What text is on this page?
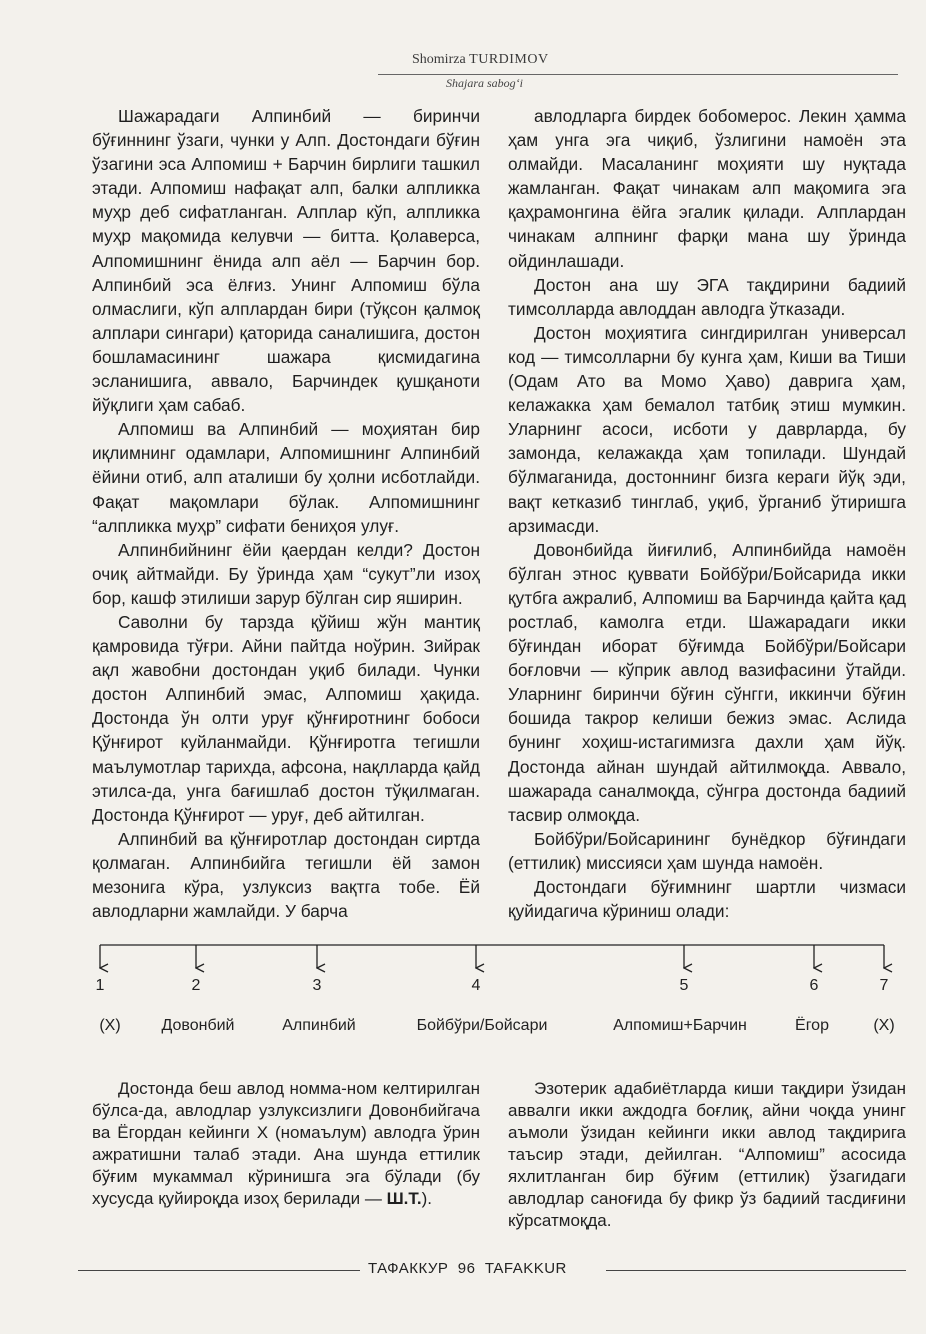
Shomirza TURDIMOV
Shajara sabog‘i

Шажарадаги Алпинбий — биринчи бўғиннинг ўзаги, чунки у Алп. Достондаги бўғин ўзагини эса Алпомиш + Барчин бирлиги ташкил этади. Алпомиш нафақат алп, балки алпликка муҳр деб сифатланган. Алплар кўп, алпликка муҳр мақомида келувчи — битта. Қолаверса, Алпомишнинг ёнида алп аёл — Барчин бор. Алпинбий эса ёлғиз. Унинг Алпомиш бўла олмаслиги, кўп алплардан бири (тўқсон қалмоқ алплари сингари) қаторида саналишига, достон бошламасининг шажара қисмидагина эсланишига, аввало, Барчиндек қушқаноти йўқлиги ҳам сабаб.

Алпомиш ва Алпинбий — моҳиятан бир иқлимнинг одамлари, Алпомишнинг Алпинбий ёйини отиб, алп аталиши бу ҳолни исботлайди. Фақат мақомлари бўлак. Алпомишнинг “алпликка муҳр” сифати бениҳоя улуғ.

Алпинбийнинг ёйи қаердан келди? Достон очиқ айтмайди. Бу ўринда ҳам “сукут”ли изоҳ бор, кашф этилиши зарур бўлган сир яширин.

Саволни бу тарзда қўйиш жўн мантиқ қамровида тўғри. Айни пайтда ноўрин. Зийрак ақл жавобни достондан уқиб билади. Чунки достон Алпинбий эмас, Алпомиш ҳақида. Достонда ўн олти уруғ қўнғиротнинг бобоси Қўнғирот куйланмайди. Қўнғиротга тегишли маълумотлар тарихда, афсона, нақлларда қайд этилса-да, унга бағишлаб достон тўқилмаган. Достонда Қўнғирот — уруғ, деб айтилган.

Алпинбий ва қўнғиротлар достондан сиртда қолмаган. Алпинбийга тегишли ёй замон мезонига кўра, узлуксиз вақтга тобе. Ёй авлодларни жамлайди. У барча

авлодларга бирдек бобомерос. Лекин ҳамма ҳам унга эга чиқиб, ўзлигини намоён эта олмайди. Масаланинг моҳияти шу нуқтада жамланган. Фақат чинакам алп мақомига эга қаҳрамонгина ёйга эгалик қилади. Алплардан чинакам алпнинг фарқи мана шу ўринда ойдинлашади.

Достон ана шу ЭГА тақдирини бадиий тимсолларда авлоддан авлодга ўтказади.

Достон моҳиятига сингдирилган универсал код — тимсолларни бу кунга ҳам, Киши ва Тиши (Одам Ато ва Момо Ҳаво) даврига ҳам, келажакка ҳам бемалол татбиқ этиш мумкин. Уларнинг асоси, исботи у даврларда, бу замонда, келажакда ҳам топилади. Шундай бўлмаганида, достоннинг бизга кераги йўқ эди, вақт кетказиб тинглаб, уқиб, ўрганиб ўтиришга арзимасди.

Довонбийда йиғилиб, Алпинбийда намоён бўлган этнос қуввати Бойбўри/Бойсарида икки қутбга ажралиб, Алпомиш ва Барчинда қайта қад ростлаб, камолга етди. Шажарадаги икки бўғиндан иборат бўғимда Бойбўри/Бойсари боғловчи — кўприк авлод вазифасини ўтайди. Уларнинг биринчи бўғин сўнгги, иккинчи бўғин бошида такрор келиши бежиз эмас. Аслида бунинг хоҳиш-истагимизга дахли ҳам йўқ. Достонда айнан шундай айтилмоқда. Аввало, шажарада саналмоқда, сўнгра достонда бадиий тасвир олмоқда.

Бойбўри/Бойсарининг бунёдкор бўғиндаги (еттилик) миссияси ҳам шунда намоён.

Достондаги бўғимнинг шартли чизмаси қуйидагича кўриниш олади:

1	2	3	4	5	6	7
(X)	Довонбий	Алпинбий	Бойбўри/Бойсари	Алпомиш+Барчин	Ёгор	(X)

Достонда беш авлод номма-ном келтирилган бўлса-да, авлодлар узлуксизлиги Довонбийгача ва Ёгордан кейинги Х (номаълум) авлодга ўрин ажратишни талаб этади. Ана шунда еттилик бўғим мукаммал кўринишга эга бўлади (бу хусусда қуйироқда изоҳ берилади — Ш.Т.).

Эзотерик адабиётларда киши тақдири ўзидан аввалги икки аждодга боғлиқ, айни чоқда унинг аъмоли ўзидан кейинги икки авлод тақдирига таъсир этади, дейилган. “Алпомиш” асосида яхлитланган бир бўғим (еттилик) ўзагидаги авлодлар саноғида бу фикр ўз бадиий тасдиғини кўрсатмоқда.

ТАФАККУР 96 TAFAKKUR
